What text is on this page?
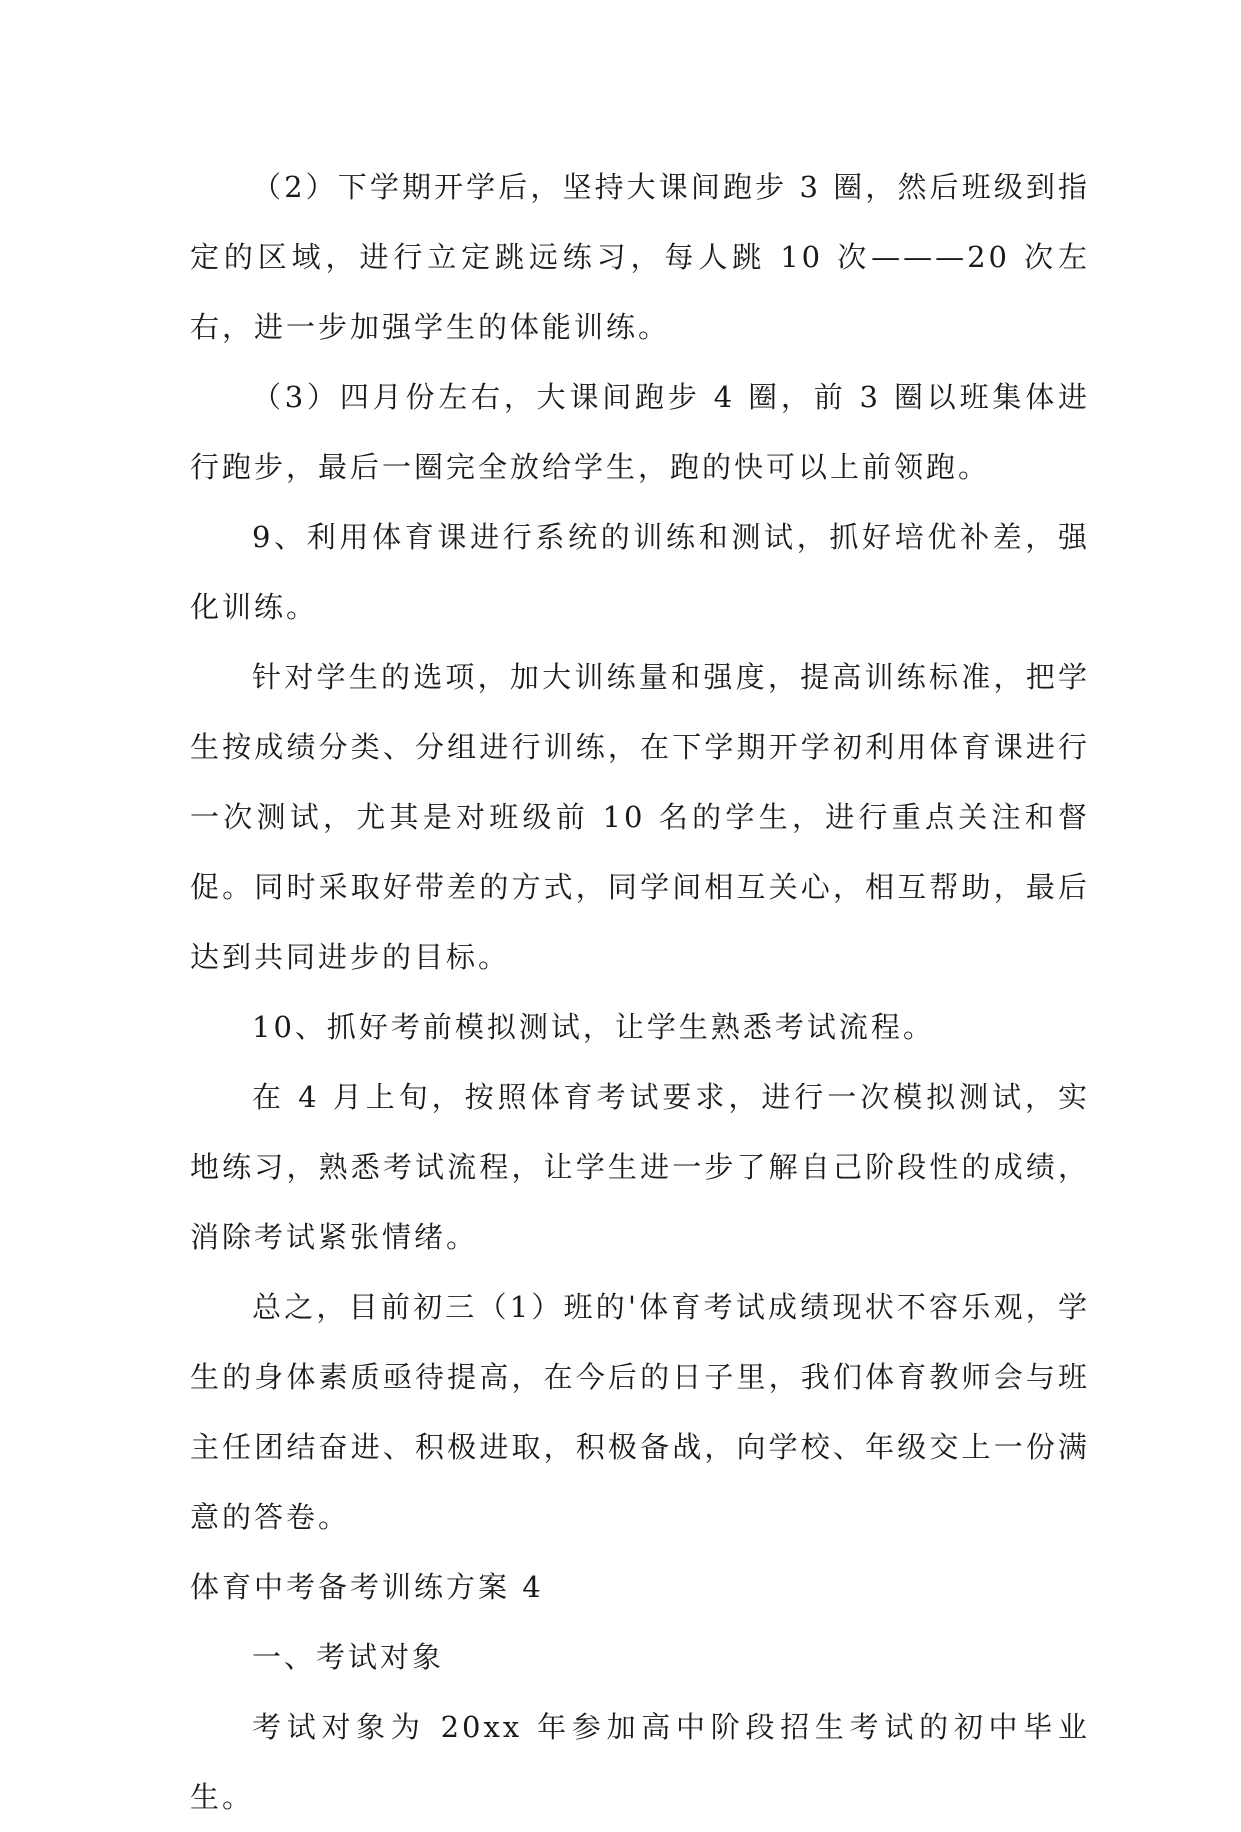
（2）下学期开学后，坚持大课间跑步 3 圈，然后班级到指定的区域，进行立定跳远练习，每人跳 10 次———20 次左右，进一步加强学生的体能训练。

（3）四月份左右，大课间跑步 4 圈，前 3 圈以班集体进行跑步，最后一圈完全放给学生，跑的快可以上前领跑。

9、利用体育课进行系统的训练和测试，抓好培优补差，强化训练。

针对学生的选项，加大训练量和强度，提高训练标准，把学生按成绩分类、分组进行训练，在下学期开学初利用体育课进行一次测试，尤其是对班级前 10 名的学生，进行重点关注和督促。同时采取好带差的方式，同学间相互关心，相互帮助，最后达到共同进步的目标。

10、抓好考前模拟测试，让学生熟悉考试流程。

在 4 月上旬，按照体育考试要求，进行一次模拟测试，实地练习，熟悉考试流程，让学生进一步了解自己阶段性的成绩，消除考试紧张情绪。

总之，目前初三（1）班的'体育考试成绩现状不容乐观，学生的身体素质亟待提高，在今后的日子里，我们体育教师会与班主任团结奋进、积极进取，积极备战，向学校、年级交上一份满意的答卷。

体育中考备考训练方案 4

一、考试对象

考试对象为 20xx 年参加高中阶段招生考试的初中毕业生。
